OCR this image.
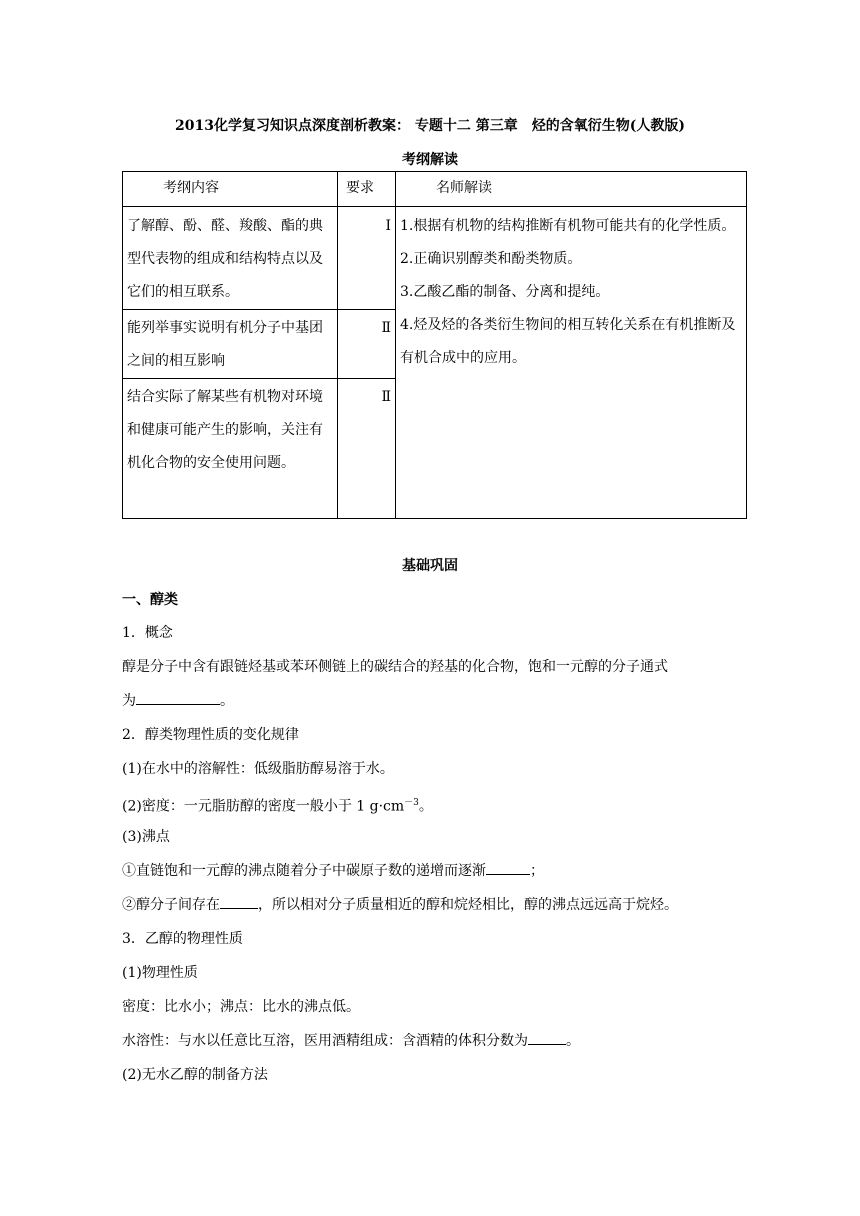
2013化学复习知识点深度剖析教案： 专题十二 第三章　烃的含氧衍生物(人教版)
考纲解读
考纲内容	要求	名师解读
了解醇、酚、醛、羧酸、酯的典型代表物的组成和结构特点以及它们的相互联系。	Ⅰ	1.根据有机物的结构推断有机物可能共有的化学性质。
2.正确识别醇类和酚类物质。
3.乙酸乙酯的制备、分离和提纯。
4.烃及烃的各类衍生物间的相互转化关系在有机推断及有机合成中的应用。

能列举事实说明有机分子中基团之间的相互影响	Ⅱ	
结合实际了解某些有机物对环境和健康可能产生的影响，关注有机化合物的安全使用问题。	Ⅱ	
基础巩固
一、醇类
1．概念
醇是分子中含有跟链烃基或苯环侧链上的碳结合的羟基的化合物，饱和一元醇的分子通式
为	。
2．醇类物理性质的变化规律
(1)在水中的溶解性：低级脂肪醇易溶于水。
(2)密度：一元脂肪醇的密度一般小于 1 $g\cdot cm^{-3}$。
(3)沸点
①直链饱和一元醇的沸点随着分子中碳原子数的递增而逐渐	；
②醇分子间存在	，所以相对分子质量相近的醇和烷烃相比，醇的沸点远远高于烷烃。
3．乙醇的物理性质
(1)物理性质
密度：比水小；沸点：比水的沸点低。
水溶性：与水以任意比互溶，医用酒精组成：含酒精的体积分数为	。
(2)无水乙醇的制备方法
